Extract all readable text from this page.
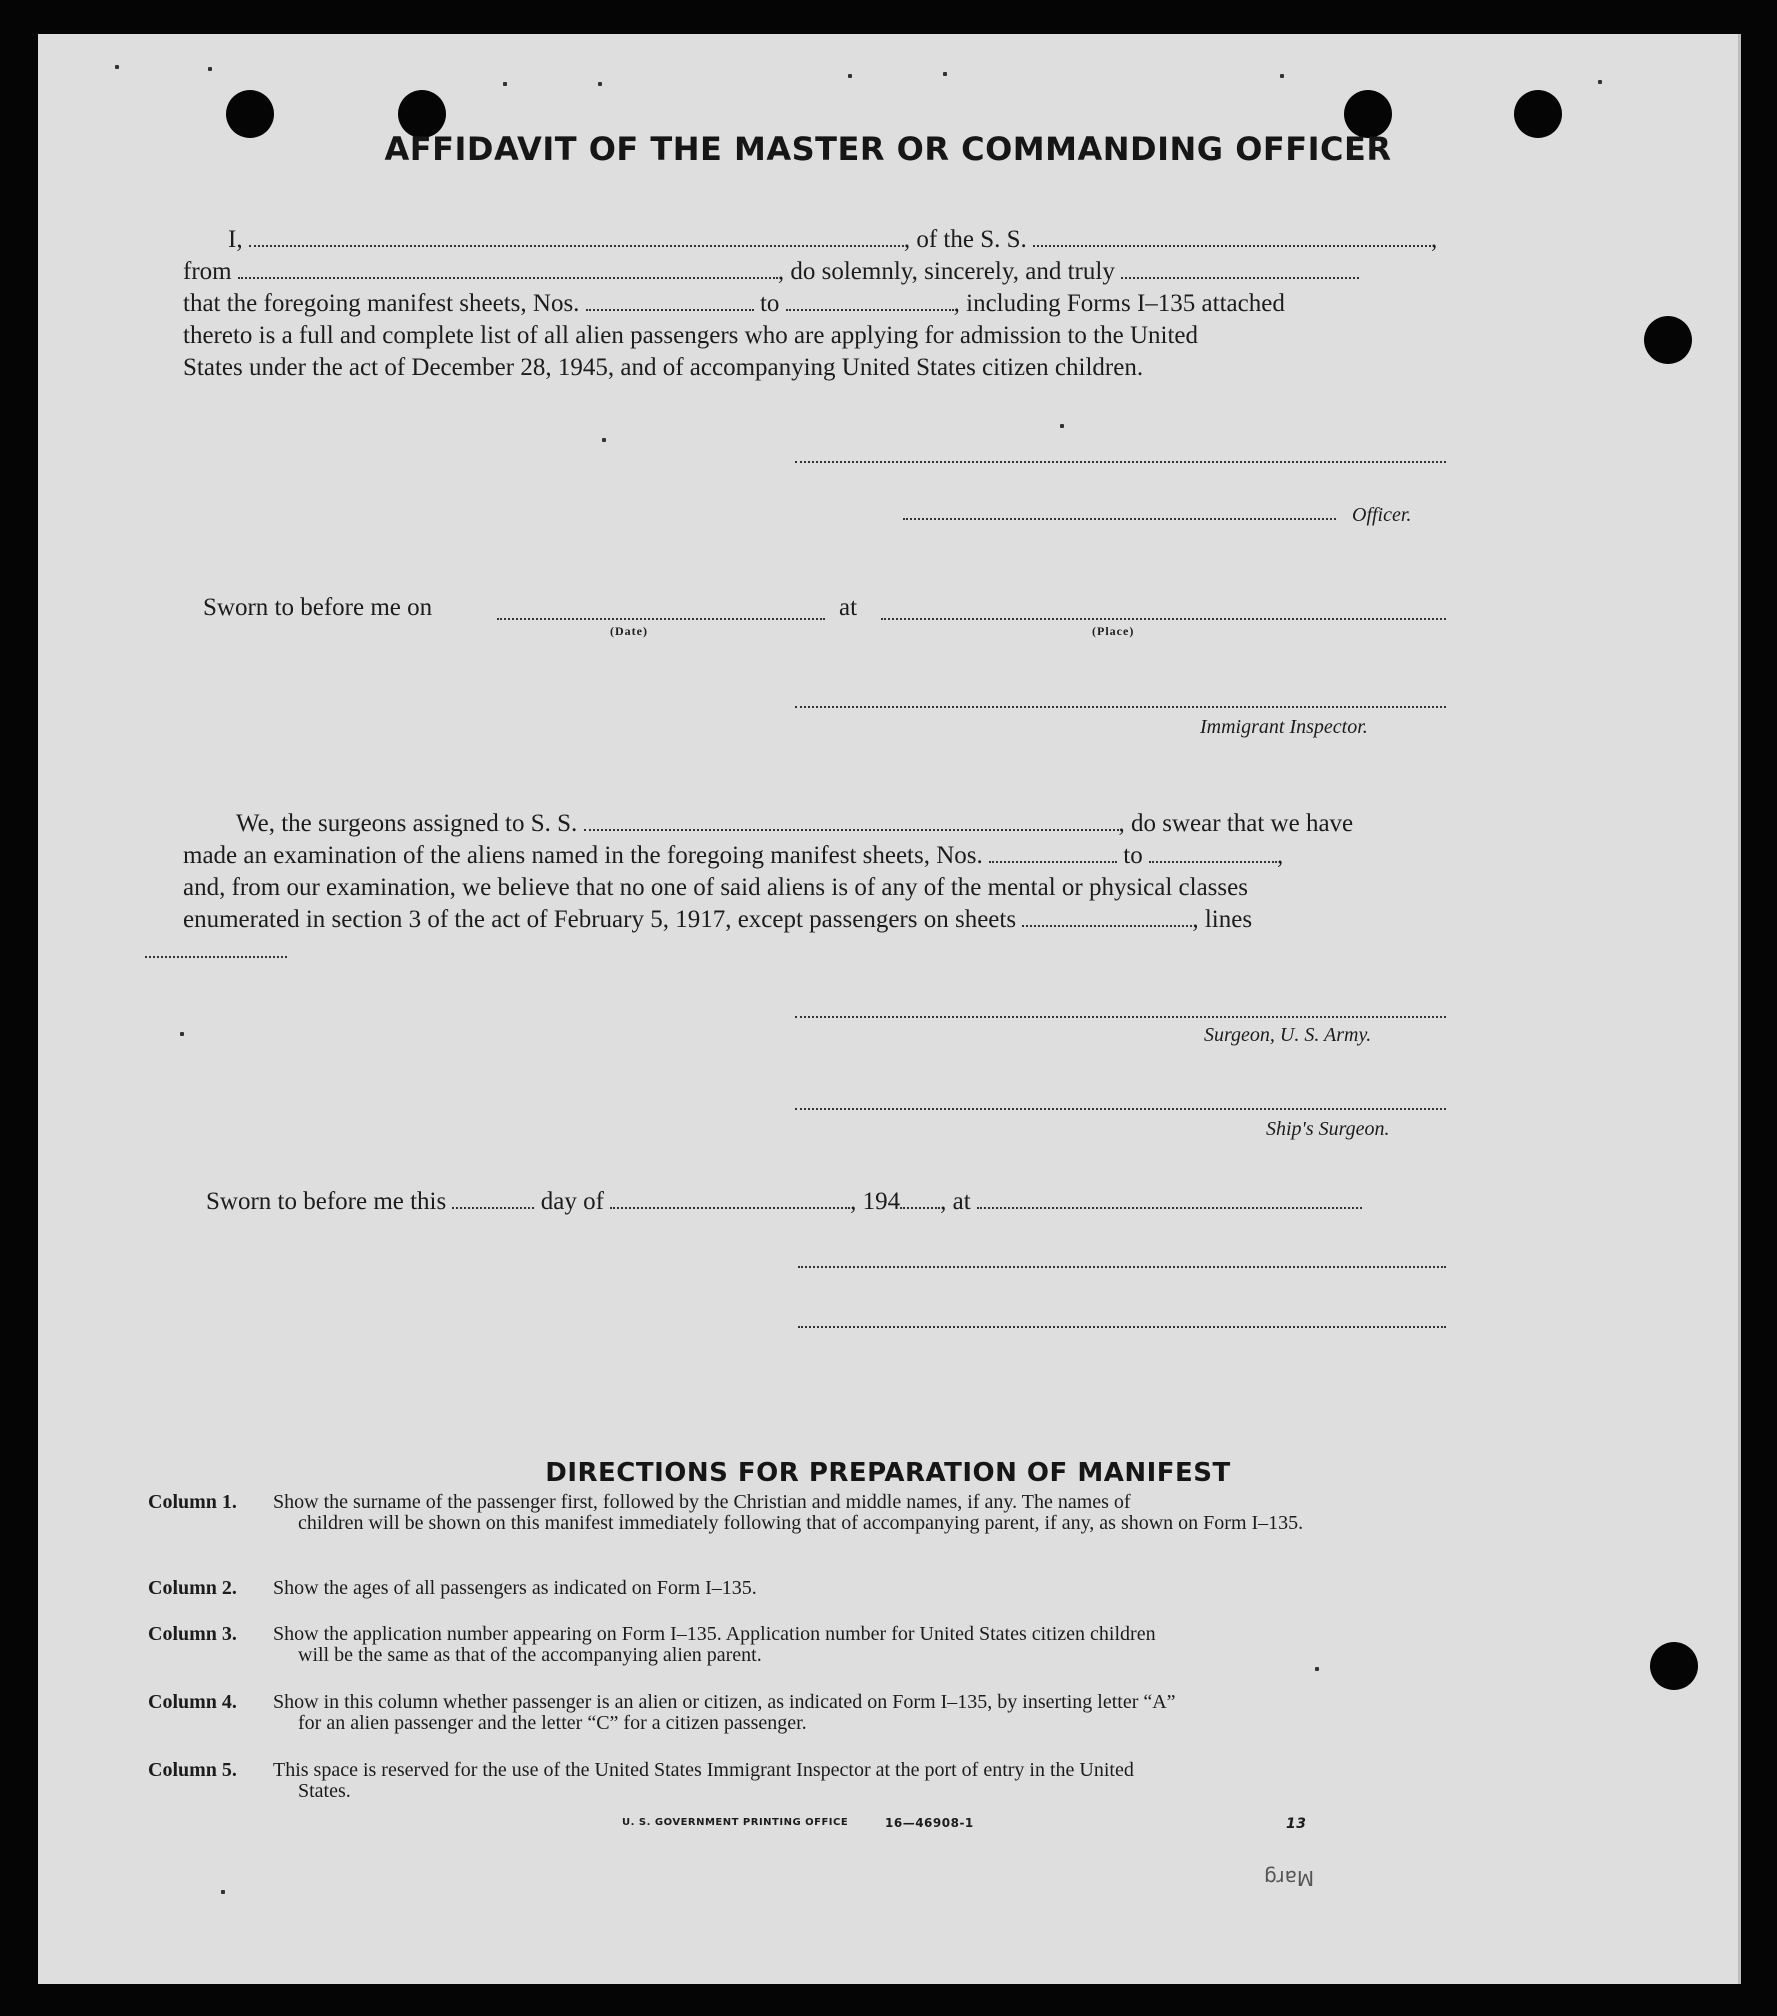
AFFIDAVIT OF THE MASTER OR COMMANDING OFFICER
I,	, of the S. S.	,
from	, do solemnly, sincerely, and truly
that the foregoing manifest sheets, Nos.	to	, including Forms I–135 attached
thereto is a full and complete list of all alien passengers who are applying for admission to the United
States under the act of December 28, 1945, and of accompanying United States citizen children.
Officer.
Sworn to before me on	at
(Date)	(Place)
Immigrant Inspector.
We, the surgeons assigned to S. S.	, do swear that we have
made an examination of the aliens named in the foregoing manifest sheets, Nos.	to	,
and, from our examination, we believe that no one of said aliens is of any of the mental or physical classes
enumerated in section 3 of the act of February 5, 1917, except passengers on sheets	, lines
Surgeon, U. S. Army.
Ship's Surgeon.
Sworn to before me this	day of	, 194 , at
DIRECTIONS FOR PREPARATION OF MANIFEST
Column 1. Show the surname of the passenger first, followed by the Christian and middle names, if any. The names of
children will be shown on this manifest immediately following that of accompanying parent, if any, as shown on Form I–135.
Column 2. Show the ages of all passengers as indicated on Form I–135.
Column 3. Show the application number appearing on Form I–135. Application number for United States citizen children
will be the same as that of the accompanying alien parent.
Column 4. Show in this column whether passenger is an alien or citizen, as indicated on Form I–135, by inserting letter “A”
for an alien passenger and the letter “C” for a citizen passenger.
Column 5. This space is reserved for the use of the United States Immigrant Inspector at the port of entry in the United
States.
U. S. GOVERNMENT PRINTING OFFICE	16—46908-1	13
Marg
